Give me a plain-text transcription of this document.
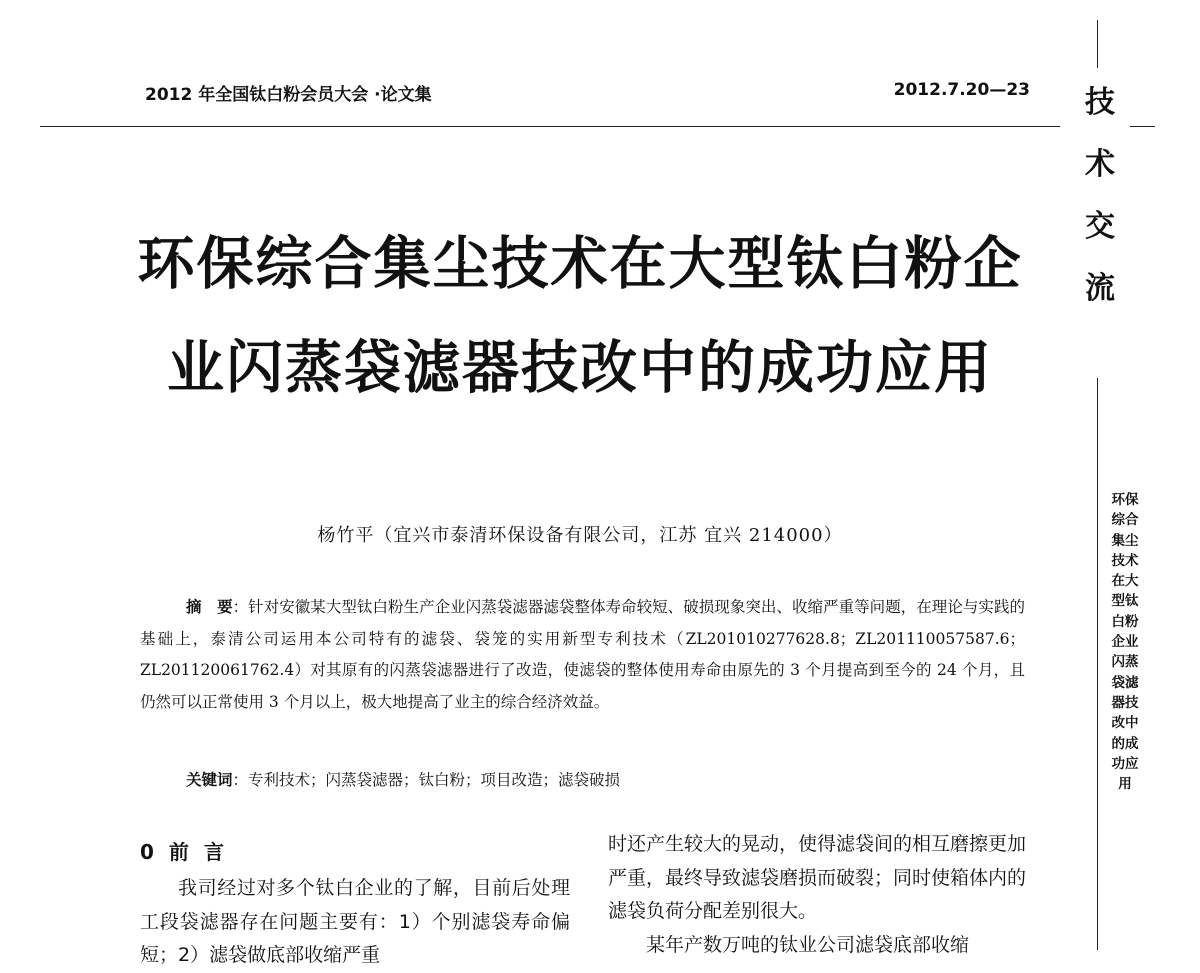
2012 年全国钛白粉会员大会 ·论文集	2012.7.20—23 技
术
交
流
环保综合集尘技术在大型钛白粉企业闪蒸袋滤器技改中的成功应用
环保综合集尘技术在大型钛白粉企业闪蒸袋滤器技改中的成功应用
杨竹平（宜兴市泰清环保设备有限公司，江苏 宜兴 214000）
摘　要：针对安徽某大型钛白粉生产企业闪蒸袋滤器滤袋整体寿命较短、破损现象突出、收缩严重等问题，在理论与实践的基础上，泰清公司运用本公司特有的滤袋、袋笼的实用新型专利技术（ZL201010277628.8；ZL201110057587.6；ZL201120061762.4）对其原有的闪蒸袋滤器进行了改造，使滤袋的整体使用寿命由原先的 3 个月提高到至今的 24 个月，且仍然可以正常使用 3 个月以上，极大地提高了业主的综合经济效益。
关键词：专利技术；闪蒸袋滤器；钛白粉；项目改造；滤袋破损
0 前 言

我司经过对多个钛白企业的了解，目前后处理工段袋滤器存在问题主要有：1）个别滤袋寿命偏短；2）滤袋做底部收缩严重

时还产生较大的晃动，使得滤袋间的相互磨擦更加严重，最终导致滤袋磨损而破裂；同时使箱体内的滤袋负荷分配差别很大。

某年产数万吨的钛业公司滤袋底部收缩
